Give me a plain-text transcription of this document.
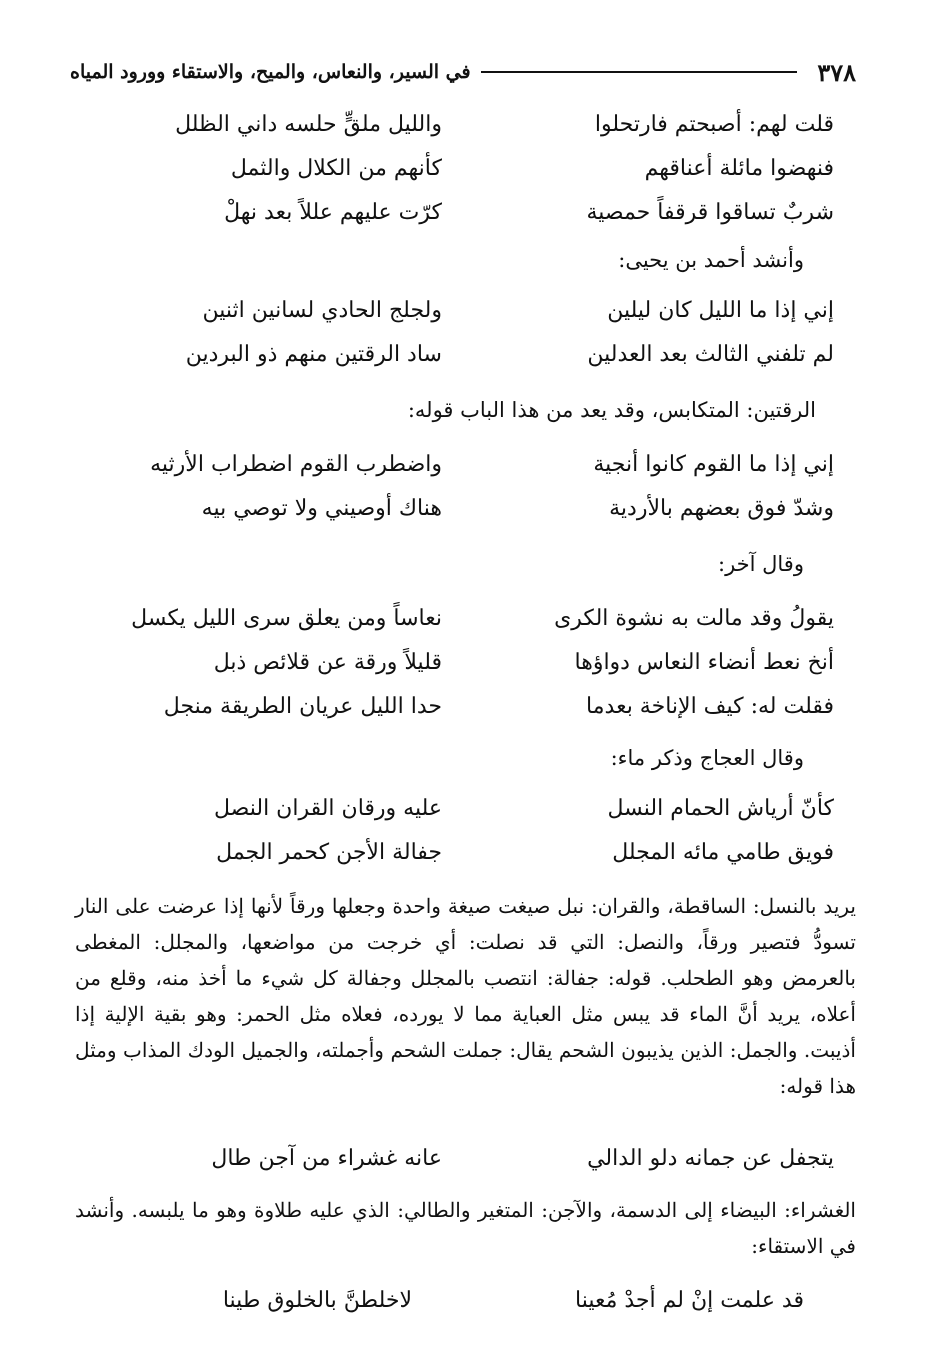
٣٧٨
في السير، والنعاس، والميح، والاستقاء وورود المياه
قلت لهم: أصبحتم فارتحلوا
والليل ملقٍّ حلسه داني الظلل
فنهضوا مائلة أعناقهم
كأنهم من الكلال والثمل
شربٌ تساقوا قرقفاً حمصية
كرّت عليهم عللاً بعد نهلْ
وأنشد أحمد بن يحيى:
إني إذا ما الليل كان ليلين
ولجلج الحادي لسانين اثنين
لم تلفني الثالث بعد العدلين
ساد الرقتين منهم ذو البردين
الرقتين: المتكابس، وقد يعد من هذا الباب قوله:
إني إذا ما القوم كانوا أنجية
واضطرب القوم اضطراب الأرثيه
وشدّ فوق بعضهم بالأردية
هناك أوصيني ولا توصي بيه
وقال آخر:
يقولُ وقد مالت به نشوة الكرى
نعاساً ومن يعلق سرى الليل يكسل
أنخ نعط أنضاء النعاس دواؤها
قليلاً ورقة عن قلائص ذبل
فقلت له: كيف الإناخة بعدما
حدا الليل عريان الطريقة منجل
وقال العجاج وذكر ماء:
كأنّ أرياش الحمام النسل
عليه ورقان القران النصل
فويق طامي مائه المجلل
جفالة الأجن كحمر الجمل

يريد بالنسل: الساقطة، والقران: نبل صيغت صيغة واحدة وجعلها ورقاً لأنها إذا عرضت على النار تسودُّ فتصير ورقاً، والنصل: التي قد نصلت: أي خرجت من مواضعها، والمجلل: المغطى بالعرمض وهو الطحلب. قوله: جفالة: انتصب بالمجلل وجفالة كل شيء ما أخذ منه، وقلع من أعلاه، يريد أنَّ الماء قد يبس مثل العباية مما لا يورده، فعلاه مثل الحمر: وهو بقية الإلية إذا أذيبت. والجمل: الذين يذيبون الشحم يقال: جملت الشحم وأجملته، والجميل الودك المذاب ومثل هذا قوله:

يتجفل عن جمانه دلو الدالي
عانه غشراء من آجن طال

الغشراء: البيضاء إلى الدسمة، والآجن: المتغير والطالي: الذي عليه طلاوة وهو ما يلبسه. وأنشد في الاستقاء:

قد علمت إنْ لم أجدْ مُعينا
لاخلطنَّ بالخلوق طينا
